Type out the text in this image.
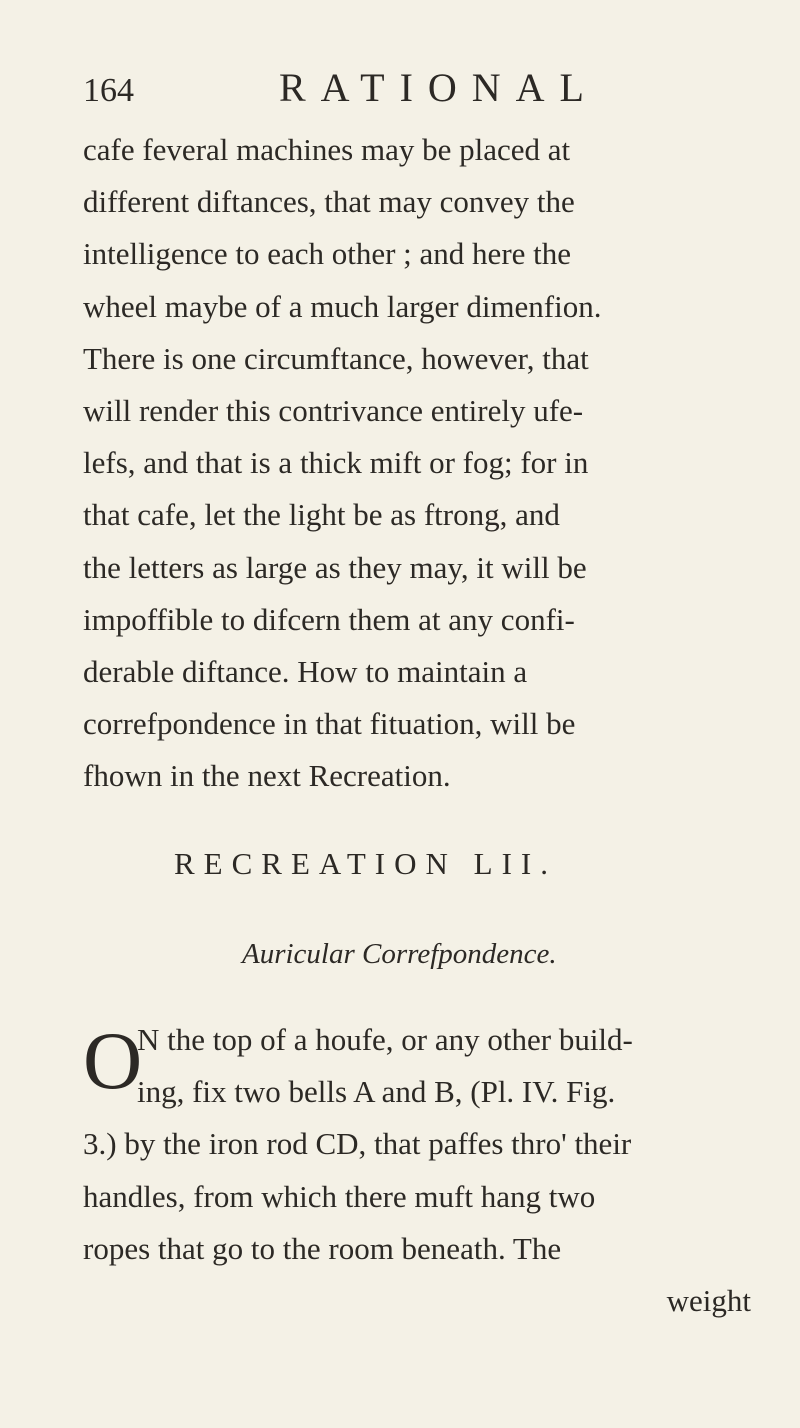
164	RATIONAL
cafe feveral machines may be placed at
different diftances, that may convey the
intelligence to each other ; and here the
wheel maybe of a much larger dimenfion.
There is one circumftance, however, that
will render this contrivance entirely ufe-
lefs, and that is a thick mift or fog; for in
that cafe, let the light be as ftrong, and
the letters as large as they may, it will be
impoffible to difcern them at any confi-
derable diftance. How to maintain a
correfpondence in that fituation, will be
fhown in the next Recreation.
RECREATION LII.
Auricular Correfpondence.
O
N the top of a houfe, or any other build-
ing, fix two bells A and B, (Pl. IV. Fig.
3.) by the iron rod CD, that paffes thro' their
handles, from which there muft hang two
ropes that go to the room beneath. The
weight
